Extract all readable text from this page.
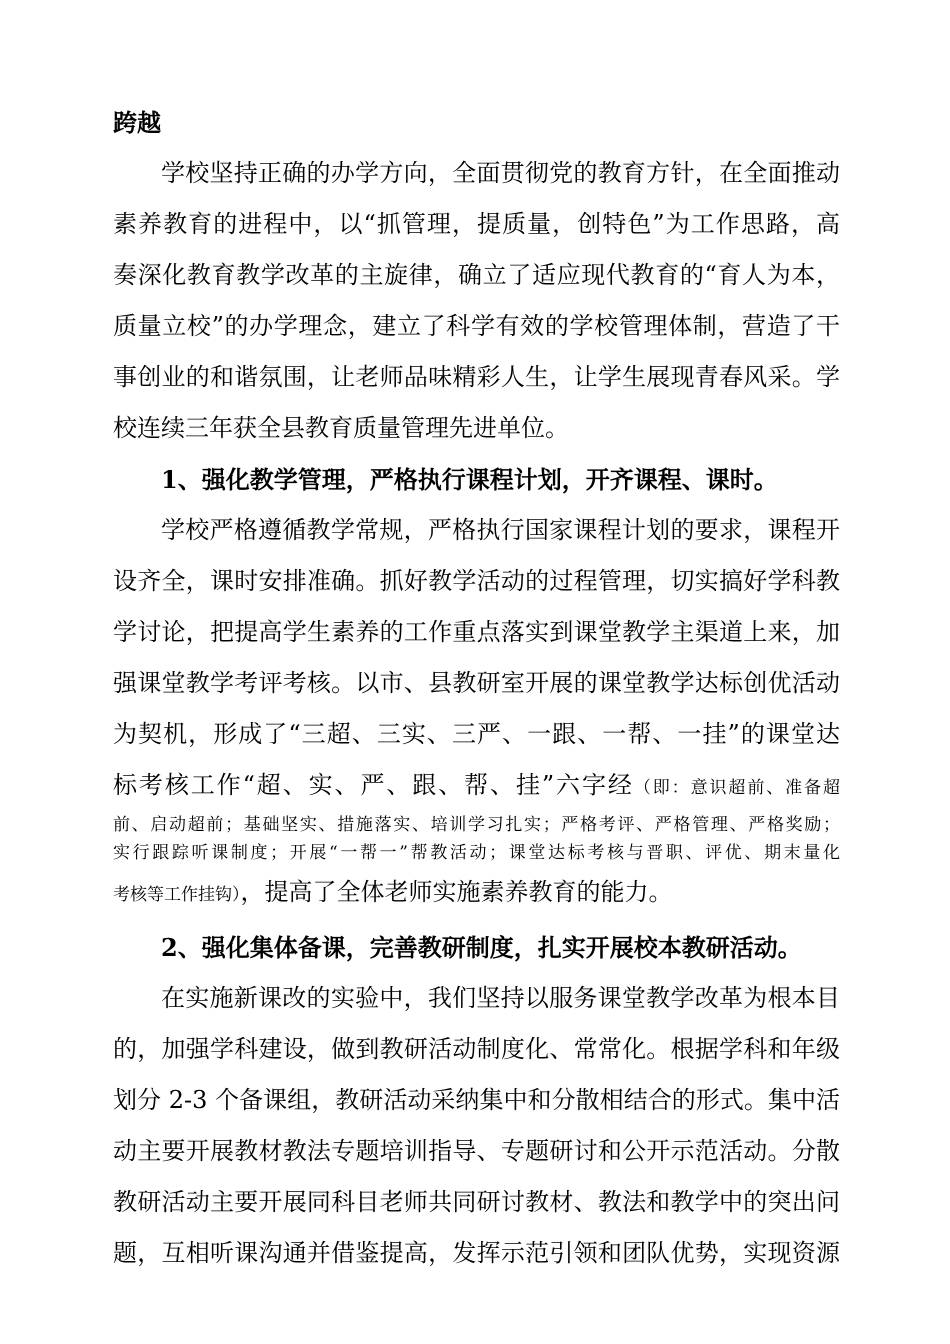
跨越
学校坚持正确的办学方向，全面贯彻党的教育方针，在全面推动
素养教育的进程中，以“抓管理，提质量，创特色”为工作思路，高
奏深化教育教学改革的主旋律，确立了适应现代教育的“育人为本，
质量立校”的办学理念，建立了科学有效的学校管理体制，营造了干
事创业的和谐氛围，让老师品味精彩人生，让学生展现青春风采。学
校连续三年获全县教育质量管理先进单位。
1、强化教学管理，严格执行课程计划，开齐课程、课时。
学校严格遵循教学常规，严格执行国家课程计划的要求，课程开
设齐全，课时安排准确。抓好教学活动的过程管理，切实搞好学科教
学讨论，把提高学生素养的工作重点落实到课堂教学主渠道上来，加
强课堂教学考评考核。以市、县教研室开展的课堂教学达标创优活动
为契机，形成了“三超、三实、三严、一跟、一帮、一挂”的课堂达
标考核工作“超、实、严、跟、帮、挂”六字经（即：意识超前、准备超
前、启动超前；基础坚实、措施落实、培训学习扎实；严格考评、严格管理、严格奖励；
实行跟踪听课制度；开展“一帮一”帮教活动；课堂达标考核与晋职、评优、期末量化
考核等工作挂钩），提高了全体老师实施素养教育的能力。
2、强化集体备课，完善教研制度，扎实开展校本教研活动。
在实施新课改的实验中，我们坚持以服务课堂教学改革为根本目
的，加强学科建设，做到教研活动制度化、常常化。根据学科和年级
划分 2-3 个备课组，教研活动采纳集中和分散相结合的形式。集中活
动主要开展教材教法专题培训指导、专题研讨和公开示范活动。分散
教研活动主要开展同科目老师共同研讨教材、教法和教学中的突出问
题，互相听课沟通并借鉴提高，发挥示范引领和团队优势，实现资源
